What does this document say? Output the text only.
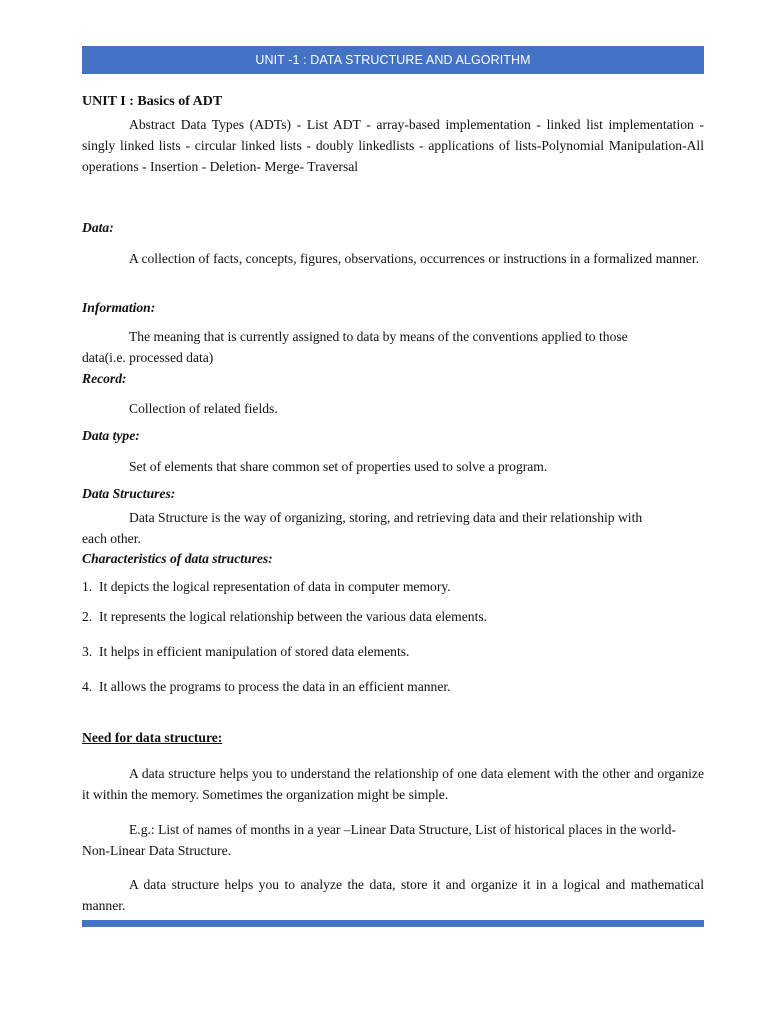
UNIT -1 : DATA STRUCTURE AND ALGORITHM
UNIT I : Basics of ADT
Abstract Data Types (ADTs) - List ADT - array-based implementation - linked list implementation - singly linked lists - circular linked lists - doubly linkedlists - applications of lists-Polynomial Manipulation-All operations - Insertion - Deletion- Merge- Traversal
Data:
A collection of facts, concepts, figures, observations, occurrences or instructions in a formalized manner.
Information:
The meaning that is currently assigned to data by means of the conventions applied to those data(i.e. processed data)
Record:
Collection of related fields.
Data type:
Set of elements that share common set of properties used to solve a program.
Data Structures:
Data Structure is the way of organizing, storing, and retrieving data and their relationship with each other.
Characteristics of data structures:
1. It depicts the logical representation of data in computer memory.
2. It represents the logical relationship between the various data elements.
3. It helps in efficient manipulation of stored data elements.
4. It allows the programs to process the data in an efficient manner.
Need for data structure:
A data structure helps you to understand the relationship of one data element with the other and organize it within the memory. Sometimes the organization might be simple.
E.g.: List of names of months in a year –Linear Data Structure, List of historical places in the world- Non-Linear Data Structure.
A data structure helps you to analyze the data, store it and organize it in a logical and mathematical manner.
